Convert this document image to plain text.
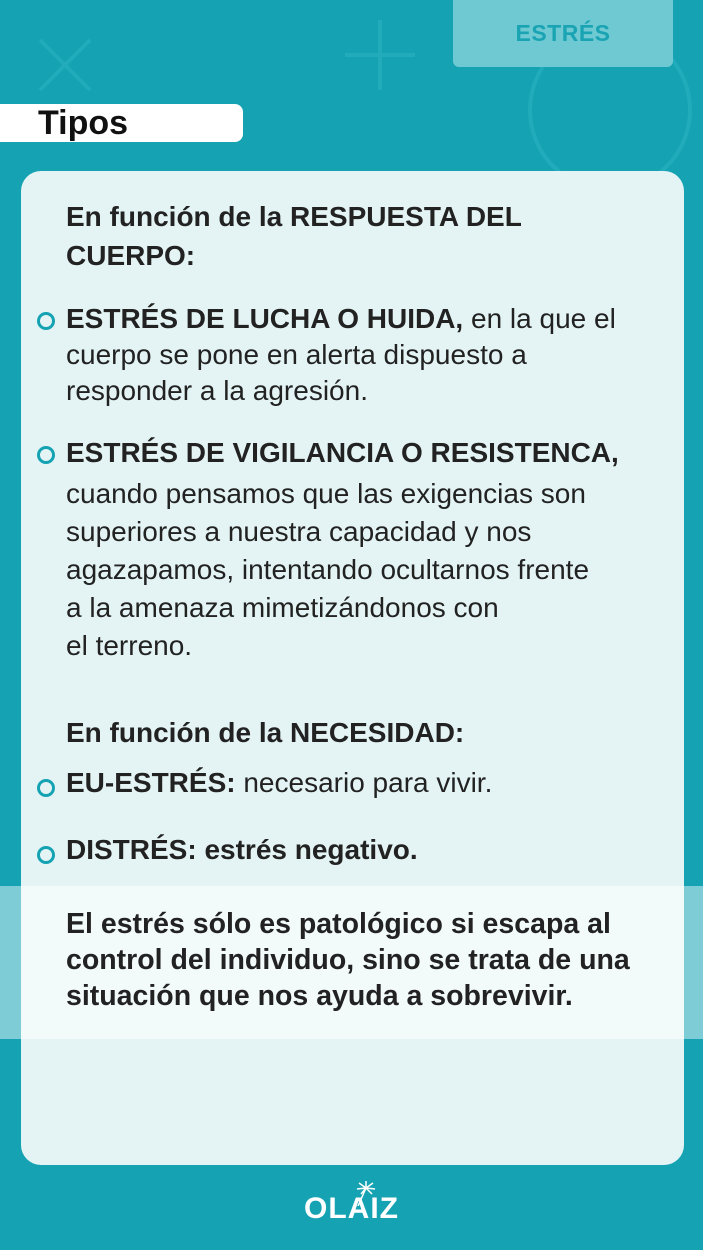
ESTRÉS
Tipos
En función de la RESPUESTA DEL
CUERPO:
ESTRÉS DE LUCHA O HUIDA, en la que el
cuerpo se pone en alerta dispuesto a
responder a la agresión.
ESTRÉS DE VIGILANCIA O RESISTENCA,
cuando pensamos que las exigencias son
superiores a nuestra capacidad y nos
agazapamos, intentando ocultarnos frente
a la amenaza mimetizándonos con
el terreno.
En función de la NECESIDAD:
EU-ESTRÉS: necesario para vivir.
DISTRÉS: estrés negativo.
El estrés sólo es patológico si escapa al
control del individuo, sino se trata de una
situación que nos ayuda a sobrevivir.
OLAIZ
